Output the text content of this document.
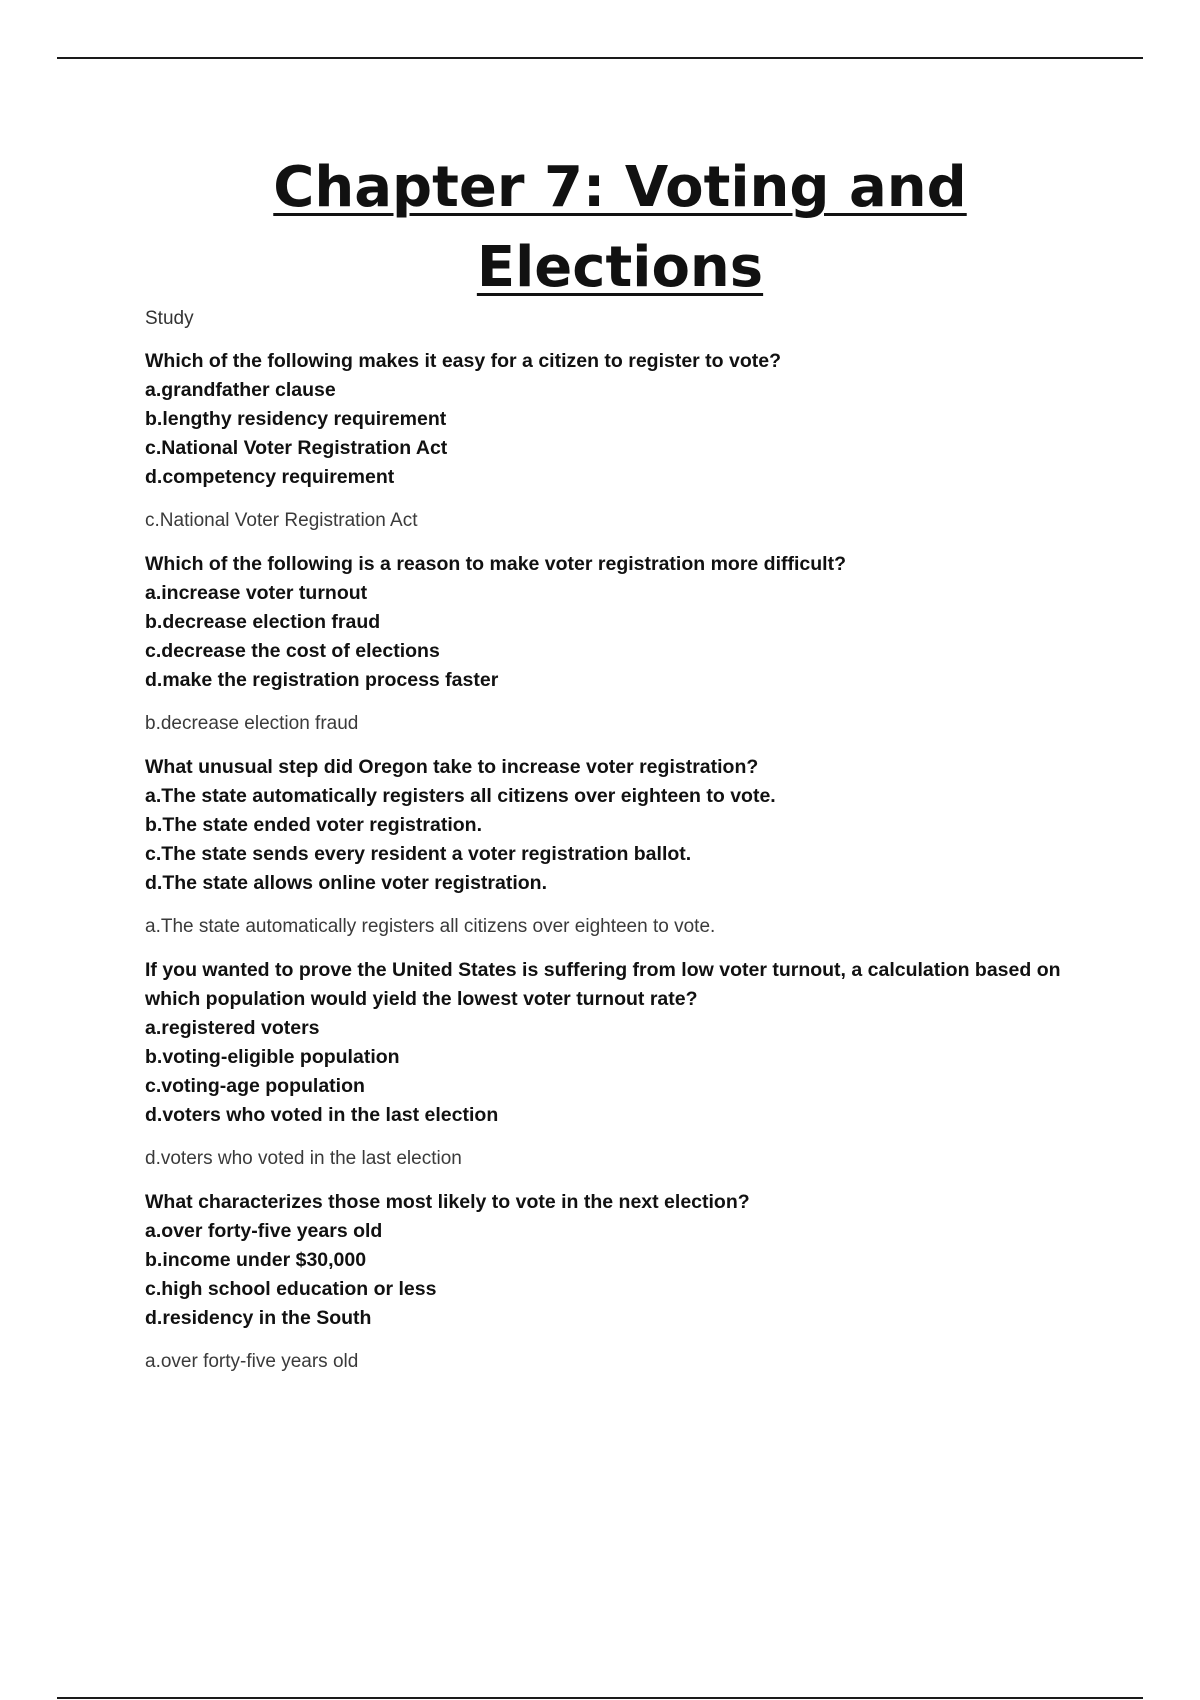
Chapter 7: Voting and
Elections
Study
Which of the following makes it easy for a citizen to register to vote?
a.grandfather clause
b.lengthy residency requirement
c.National Voter Registration Act
d.competency requirement
c.National Voter Registration Act
Which of the following is a reason to make voter registration more difficult?
a.increase voter turnout
b.decrease election fraud
c.decrease the cost of elections
d.make the registration process faster
b.decrease election fraud
What unusual step did Oregon take to increase voter registration?
a.The state automatically registers all citizens over eighteen to vote.
b.The state ended voter registration.
c.The state sends every resident a voter registration ballot.
d.The state allows online voter registration.
a.The state automatically registers all citizens over eighteen to vote.
If you wanted to prove the United States is suffering from low voter turnout, a calculation based on which population would yield the lowest voter turnout rate?
a.registered voters
b.voting-eligible population
c.voting-age population
d.voters who voted in the last election
d.voters who voted in the last election
What characterizes those most likely to vote in the next election?
a.over forty-five years old
b.income under $30,000
c.high school education or less
d.residency in the South
a.over forty-five years old
